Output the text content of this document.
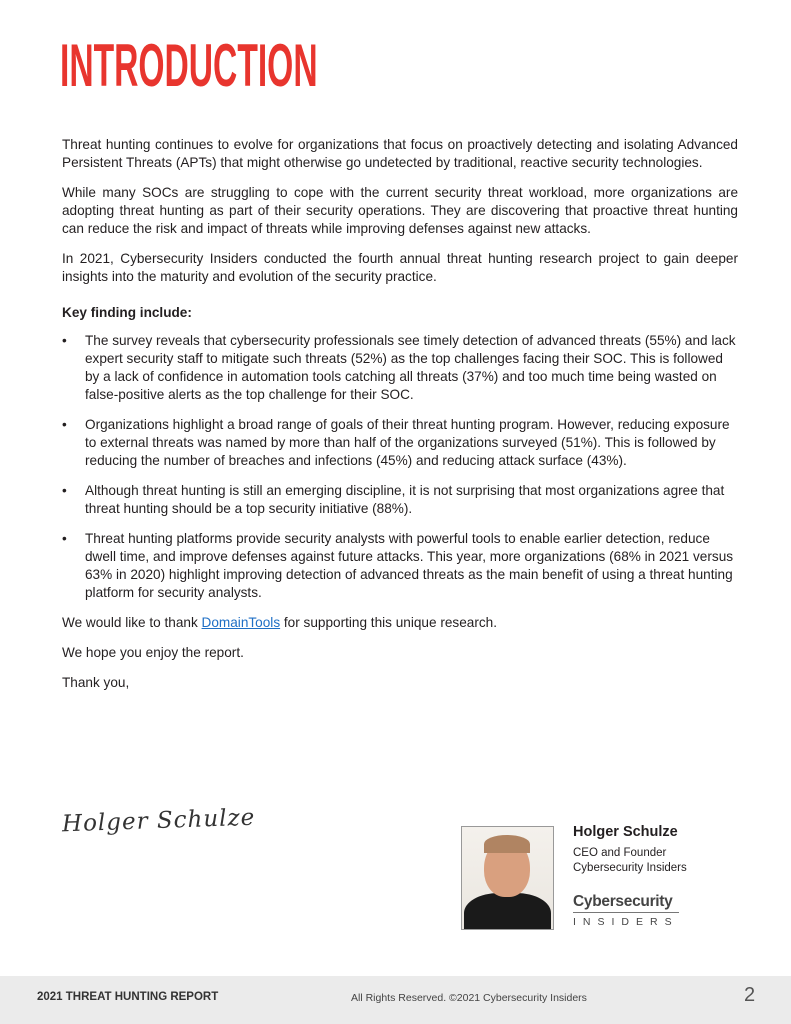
INTRODUCTION

Threat hunting continues to evolve for organizations that focus on proactively detecting and isolating Advanced Persistent Threats (APTs) that might otherwise go undetected by traditional, reactive security technologies.

While many SOCs are struggling to cope with the current security threat workload, more organizations are adopting threat hunting as part of their security operations. They are discovering that proactive threat hunting can reduce the risk and impact of threats while improving defenses against new attacks.

In 2021, Cybersecurity Insiders conducted the fourth annual threat hunting research project to gain deeper insights into the maturity and evolution of the security practice.

Key finding include:

• The survey reveals that cybersecurity professionals see timely detection of advanced threats (55%) and lack expert security staff to mitigate such threats (52%) as the top challenges facing their SOC. This is followed by a lack of confidence in automation tools catching all threats (37%) and too much time being wasted on false-positive alerts as the top challenge for their SOC.
• Organizations highlight a broad range of goals of their threat hunting program. However, reducing exposure to external threats was named by more than half of the organizations surveyed (51%). This is followed by reducing the number of breaches and infections (45%) and reducing attack surface (43%).
• Although threat hunting is still an emerging discipline, it is not surprising that most organizations agree that threat hunting should be a top security initiative (88%).
• Threat hunting platforms provide security analysts with powerful tools to enable earlier detection, reduce dwell time, and improve defenses against future attacks. This year, more organizations (68% in 2021 versus 63% in 2020) highlight improving detection of advanced threats as the main benefit of using a threat hunting platform for security analysts.

We would like to thank DomainTools for supporting this unique research.

We hope you enjoy the report.

Thank you,

Holger Schulze	Holger Schulze
CEO and Founder
Cybersecurity Insiders
Cybersecurity
INSIDERS
2021 THREAT HUNTING REPORT	All Rights Reserved. ©2021 Cybersecurity Insiders	2
